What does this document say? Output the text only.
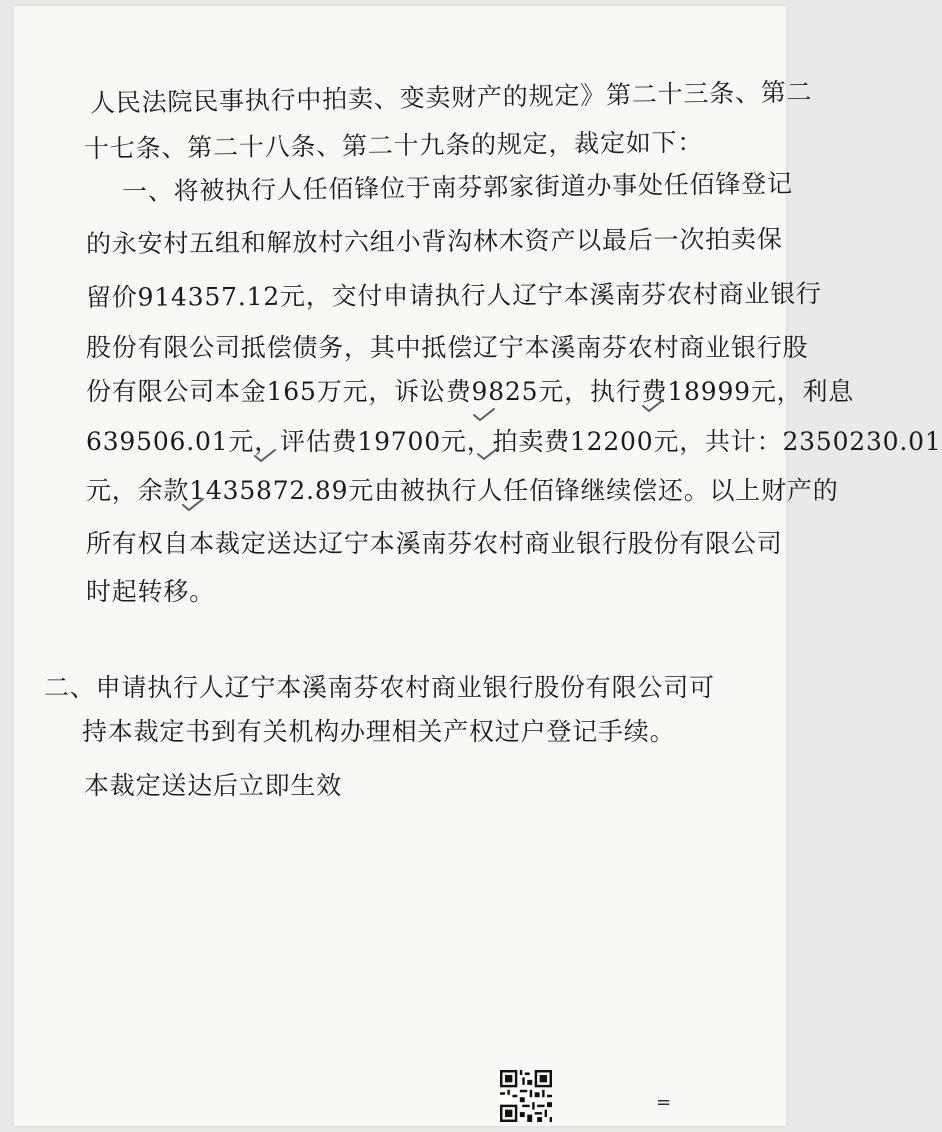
人民法院民事执行中拍卖、变卖财产的规定》第二十三条、第二
十七条、第二十八条、第二十九条的规定，裁定如下：
一、将被执行人任佰锋位于南芬郭家街道办事处任佰锋登记
的永安村五组和解放村六组小背沟林木资产以最后一次拍卖保
留价914357.12元，交付申请执行人辽宁本溪南芬农村商业银行
股份有限公司抵偿债务，其中抵偿辽宁本溪南芬农村商业银行股
份有限公司本金165万元，诉讼费9825元，执行费18999元，利息
639506.01元，评估费19700元，拍卖费12200元，共计：2350230.01
元，余款1435872.89元由被执行人任佰锋继续偿还。以上财产的
所有权自本裁定送达辽宁本溪南芬农村商业银行股份有限公司
时起转移。
二、申请执行人辽宁本溪南芬农村商业银行股份有限公司可
持本裁定书到有关机构办理相关产权过户登记手续。
本裁定送达后立即生效
=
